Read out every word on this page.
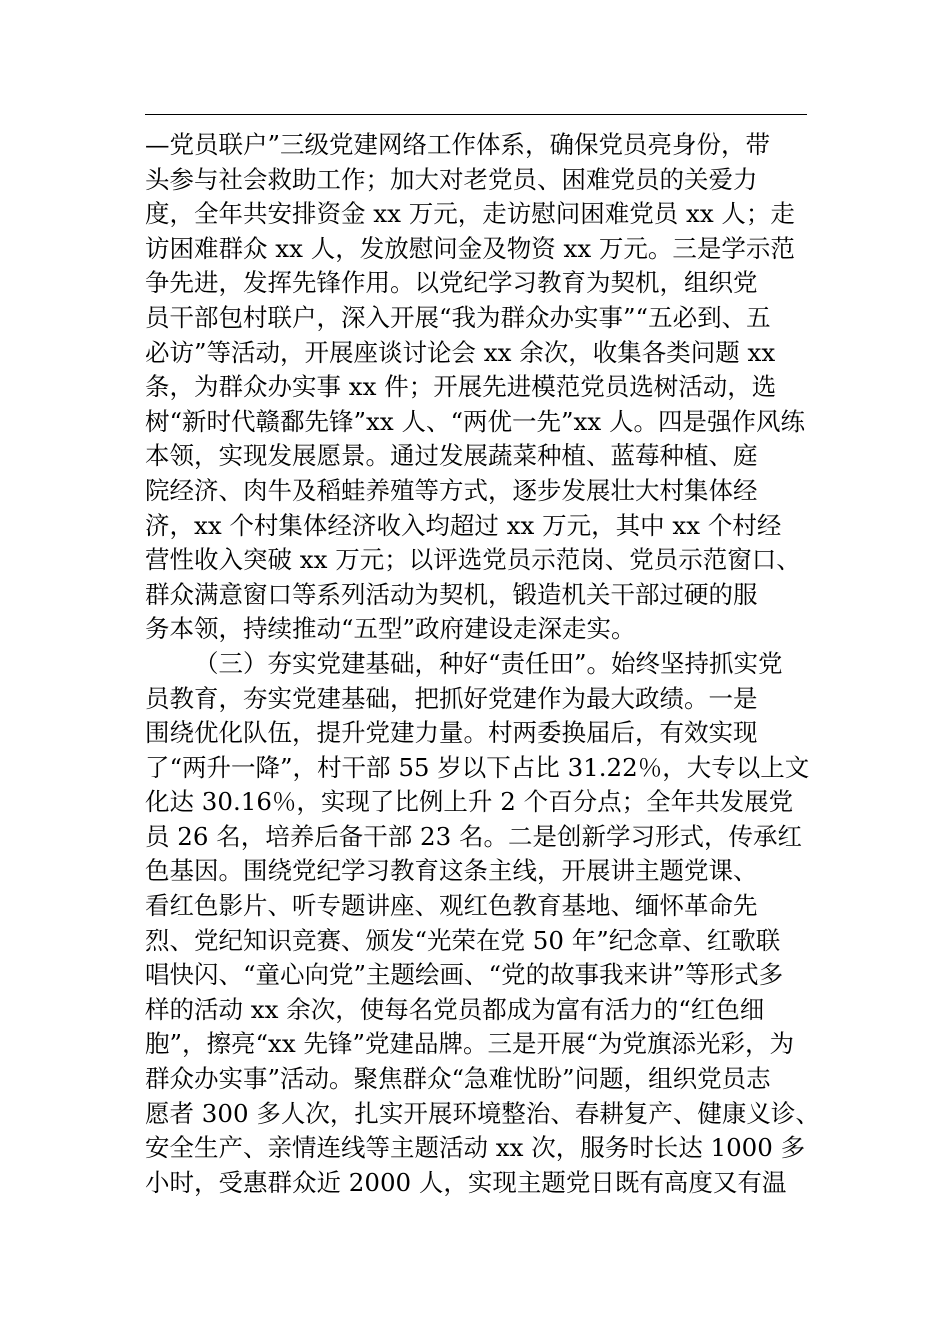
—党员联户”三级党建网络工作体系，确保党员亮身份，带
头参与社会救助工作；加大对老党员、困难党员的关爱力
度，全年共安排资金 xx 万元，走访慰问困难党员 xx 人；走
访困难群众 xx 人，发放慰问金及物资 xx 万元。三是学示范
争先进，发挥先锋作用。以党纪学习教育为契机，组织党
员干部包村联户，深入开展“我为群众办实事”“五必到、五
必访”等活动，开展座谈讨论会 xx 余次，收集各类问题 xx
条，为群众办实事 xx 件；开展先进模范党员选树活动，选
树“新时代赣鄱先锋”xx 人、“两优一先”xx 人。四是强作风练
本领，实现发展愿景。通过发展蔬菜种植、蓝莓种植、庭
院经济、肉牛及稻蛙养殖等方式，逐步发展壮大村集体经
济，xx 个村集体经济收入均超过 xx 万元，其中 xx 个村经
营性收入突破 xx 万元；以评选党员示范岗、党员示范窗口、
群众满意窗口等系列活动为契机，锻造机关干部过硬的服
务本领，持续推动“五型”政府建设走深走实。
（三）夯实党建基础，种好“责任田”。始终坚持抓实党
员教育，夯实党建基础，把抓好党建作为最大政绩。一是
围绕优化队伍，提升党建力量。村两委换届后，有效实现
了“两升一降”，村干部 55 岁以下占比 31.22％，大专以上文
化达 30.16％，实现了比例上升 2 个百分点；全年共发展党
员 26 名，培养后备干部 23 名。二是创新学习形式，传承红
色基因。围绕党纪学习教育这条主线，开展讲主题党课、
看红色影片、听专题讲座、观红色教育基地、缅怀革命先
烈、党纪知识竞赛、颁发“光荣在党 50 年”纪念章、红歌联
唱快闪、“童心向党”主题绘画、“党的故事我来讲”等形式多
样的活动 xx 余次，使每名党员都成为富有活力的“红色细
胞”，擦亮“xx 先锋”党建品牌。三是开展“为党旗添光彩，为
群众办实事”活动。聚焦群众“急难忧盼”问题，组织党员志
愿者 300 多人次，扎实开展环境整治、春耕复产、健康义诊、
安全生产、亲情连线等主题活动 xx 次，服务时长达 1000 多
小时，受惠群众近 2000 人，实现主题党日既有高度又有温
